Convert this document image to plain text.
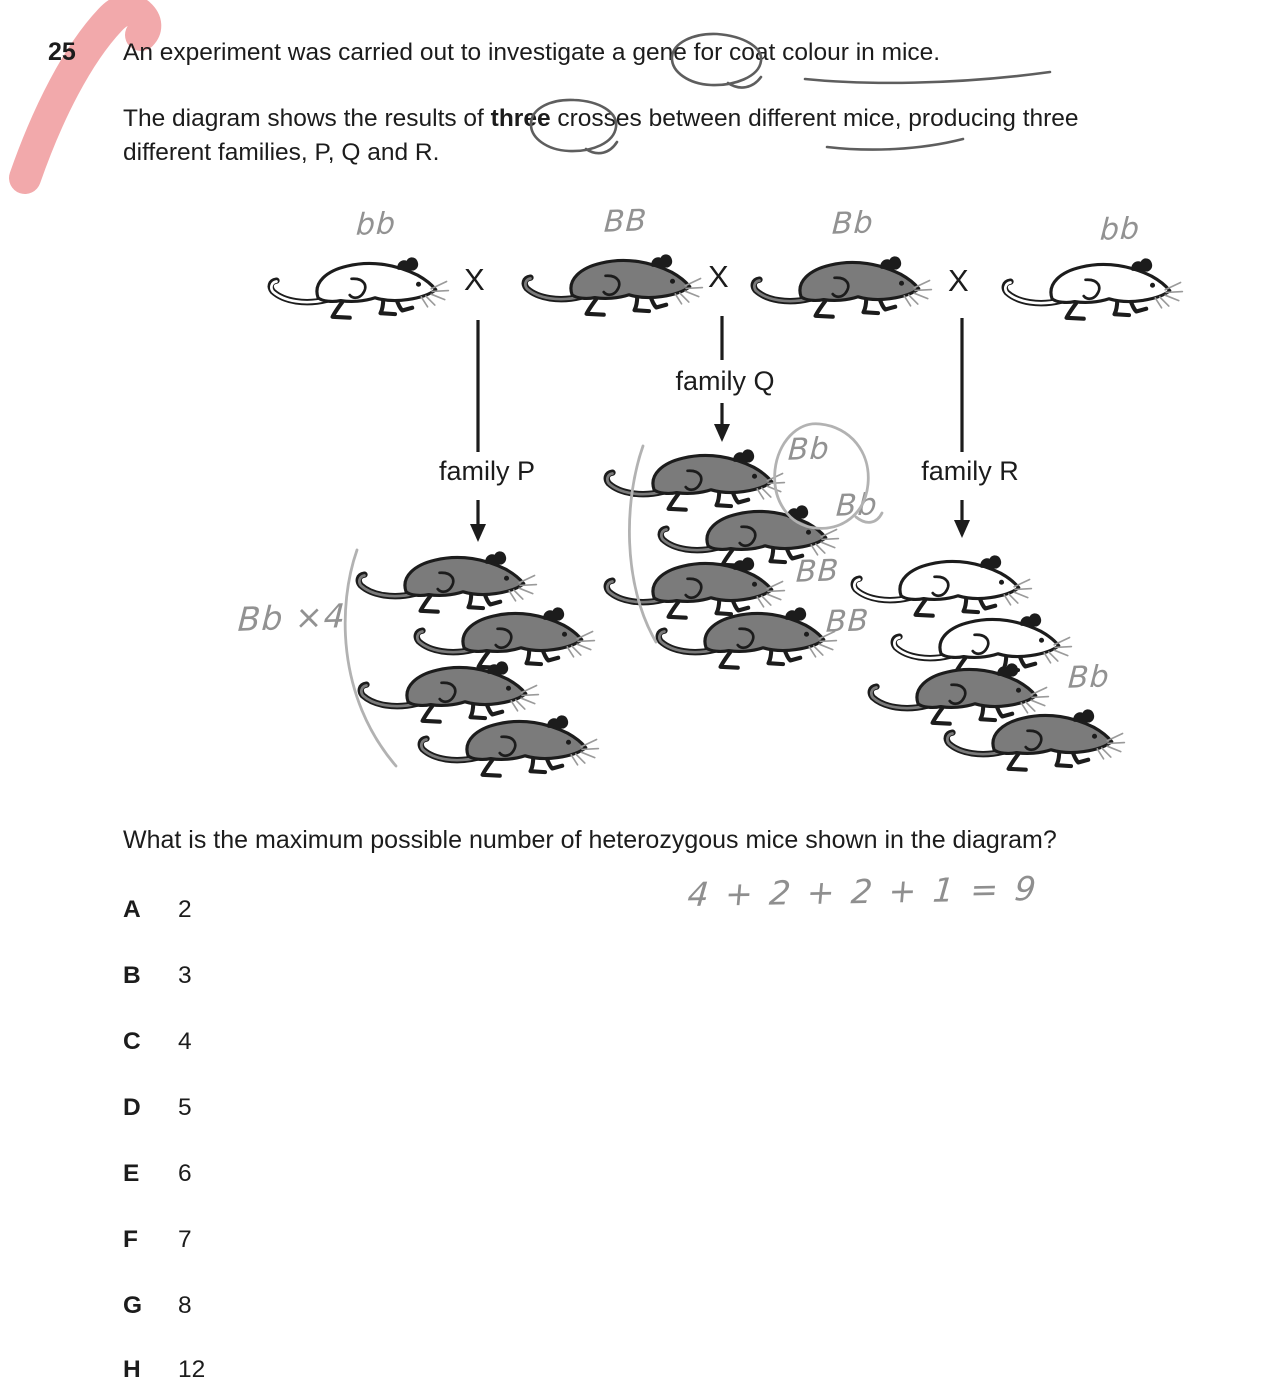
25 An experiment was carried out to investigate a gene for coat colour in mice.
The diagram shows the results of three crosses between different mice, producing three
different families, P, Q and R.
X	X	X
bb	BB	Bb	bb
family P
family Q
family R
Bb ×4
Bb
Bb
BB
BB
Bb
What is the maximum possible number of heterozygous mice shown in the diagram?
4 + 2 + 2 + 1 = 9
A 2
B 3
C 4
D 5
E 6
F 7
G 8
H 12
